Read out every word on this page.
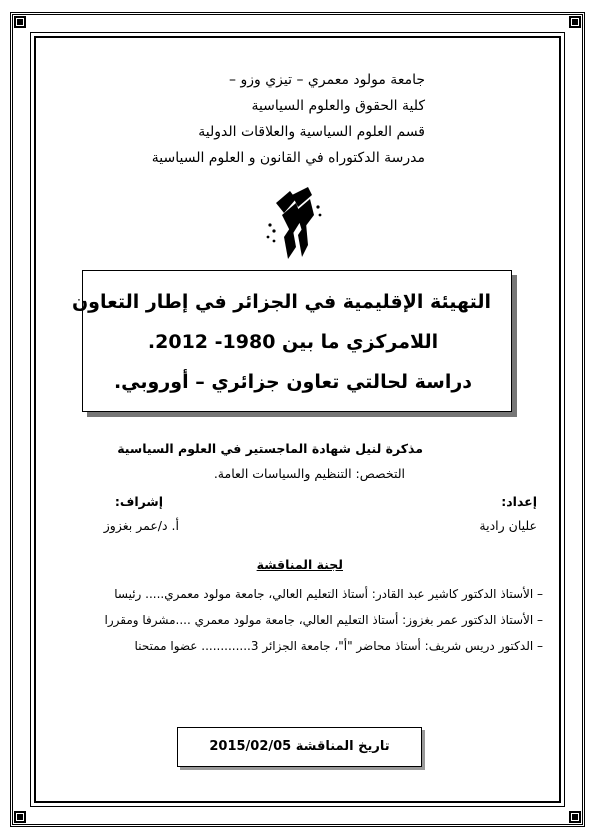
جامعة مولود معمري – تيزي وزو –
كلية الحقوق والعلوم السياسية
قسم العلوم السياسية والعلاقات الدولية
مدرسة الدكتوراه في القانون و العلوم السياسية
التهيئة الإقليمية في الجزائر في إطار التعاون
اللامركزي ما بين 1980- 2012.
دراسة لحالتي تعاون جزائري – أوروبي.
مذكرة لنيل شهادة الماجستير في العلوم السياسية
التخصص: التنظيم والسياسات العامة.
إعداد:
عليان رادية
إشراف:
أ. د/عمر بغزوز
لجنة المناقشة
– الأستاذ الدكتور كاشير عبد القادر: أستاذ التعليم العالي، جامعة مولود معمري..... رئيسا
– الأستاذ الدكتور عمر بغزوز: أستاذ التعليم العالي، جامعة مولود معمري ....مشرفا ومقررا
– الدكتور دريس شريف: أستاذ محاضر "أ"، جامعة الجزائر 3............. عضوا ممتحنا
تاريخ المناقشة 2015/02/05
